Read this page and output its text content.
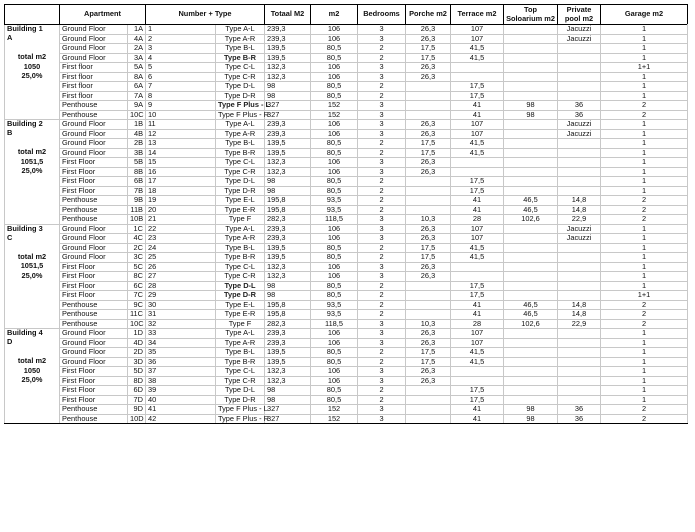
	Apartment		Number + Type		Totaal M2	m2	Bedrooms	Porche m2	Terrace m2	Top Soloarium m2	Private pool m2	Garage m2	
Building 1	Ground Floor	1A	1	Type A-L	239,3	106	3	26,3	107		Jacuzzi	1	

A	Ground Floor	4A	2	Type A-R	239,3	106	3	26,3	107		Jacuzzi	1	

	Ground Floor	2A	3	Type B-L	139,5	80,5	2	17,5	41,5			1	

total m2	Ground Floor	3A	4	Type B-R	139,5	80,5	2	17,5	41,5			1	

1050	First floor	5A	5	Type C-L	132,3	106	3	26,3				1+1	

25,0%	First floor	8A	6	Type C-R	132,3	106	3	26,3				1	

	First floor	6A	7	Type D-L	98	80,5	2		17,5			1	

	First floor	7A	8	Type D-R	98	80,5	2		17,5			1	
	Penthouse	9A	9	Type F Plus - L	327	152	3		41	98	36	2	

	Penthouse	10C	10	Type F Plus - R	327	152	3		41	98	36	2	

Building 2	Ground Floor	1B	11	Type A-L	239,3	106	3	26,3	107		Jacuzzi	1	

B	Ground Floor	4B	12	Type A-R	239,3	106	3	26,3	107		Jacuzzi	1	

	Ground Floor	2B	13	Type B-L	139,5	80,5	2	17,5	41,5			1	

total m2	Ground Floor	3B	14	Type B-R	139,5	80,5	2	17,5	41,5			1	
1051,5	First Floor	5B	15	Type C-L	132,3	106	3	26,3				1	
25,0%	First Floor	8B	16	Type C-R	132,3	106	3	26,3				1	
	First Floor	6B	17	Type D-L	98	80,5	2		17,5			1	
	First Floor	7B	18	Type D-R	98	80,5	2		17,5			1	
	Penthouse	9B	19	Type E-L	195,8	93,5	2		41	46,5	14,8	2	
	Penthouse	11B	20	Type E-R	195,8	93,5	2		41	46,5	14,8	2	
	Penthouse	10B	21	Type F	282,3	118,5	3	10,3	28	102,6	22,9	2	
Building 3	Ground Floor	1C	22	Type A-L	239,3	106	3	26,3	107		Jacuzzi	1	
C	Ground Floor	4C	23	Type A-R	239,3	106	3	26,3	107		Jacuzzi	1	

	Ground Floor	2C	24	Type B-L	139,5	80,5	2	17,5	41,5			1	

total m2	Ground Floor	3C	25	Type B-R	139,5	80,5	2	17,5	41,5			1	

1051,5	First Floor	5C	26	Type C-L	132,3	106	3	26,3				1	
25,0%	First Floor	8C	27	Type C-R	132,3	106	3	26,3				1	
	First Floor	6C	28	Type D-L	98	80,5	2		17,5			1	

	First Floor	7C	29	Type D-R	98	80,5	2		17,5			1+1	

	Penthouse	9C	30	Type E-L	195,8	93,5	2		41	46,5	14,8	2	

	Penthouse	11C	31	Type E-R	195,8	93,5	2		41	46,5	14,8	2	
	Penthouse	10C	32	Type F	282,3	118,5	3	10,3	28	102,6	22,9	2	
Building 4	Ground Floor	1D	33	Type A-L	239,3	106	3	26,3	107			1	

D	Ground Floor	4D	34	Type A-R	239,3	106	3	26,3	107			1	

	Ground Floor	2D	35	Type B-L	139,5	80,5	2	17,5	41,5			1	

total m2	Ground Floor	3D	36	Type B-R	139,5	80,5	2	17,5	41,5			1	

1050	First Floor	5D	37	Type C-L	132,3	106	3	26,3				1	
25,0%	First Floor	8D	38	Type C-R	132,3	106	3	26,3				1	

	First Floor	6D	39	Type D-L	98	80,5	2		17,5			1	
	First Floor	7D	40	Type D-R	98	80,5	2		17,5			1	
	Penthouse	9D	41	Type F Plus - L	327	152	3		41	98	36	2	

	Penthouse	10D	42	Type F Plus - R	327	152	3		41	98	36	2	
